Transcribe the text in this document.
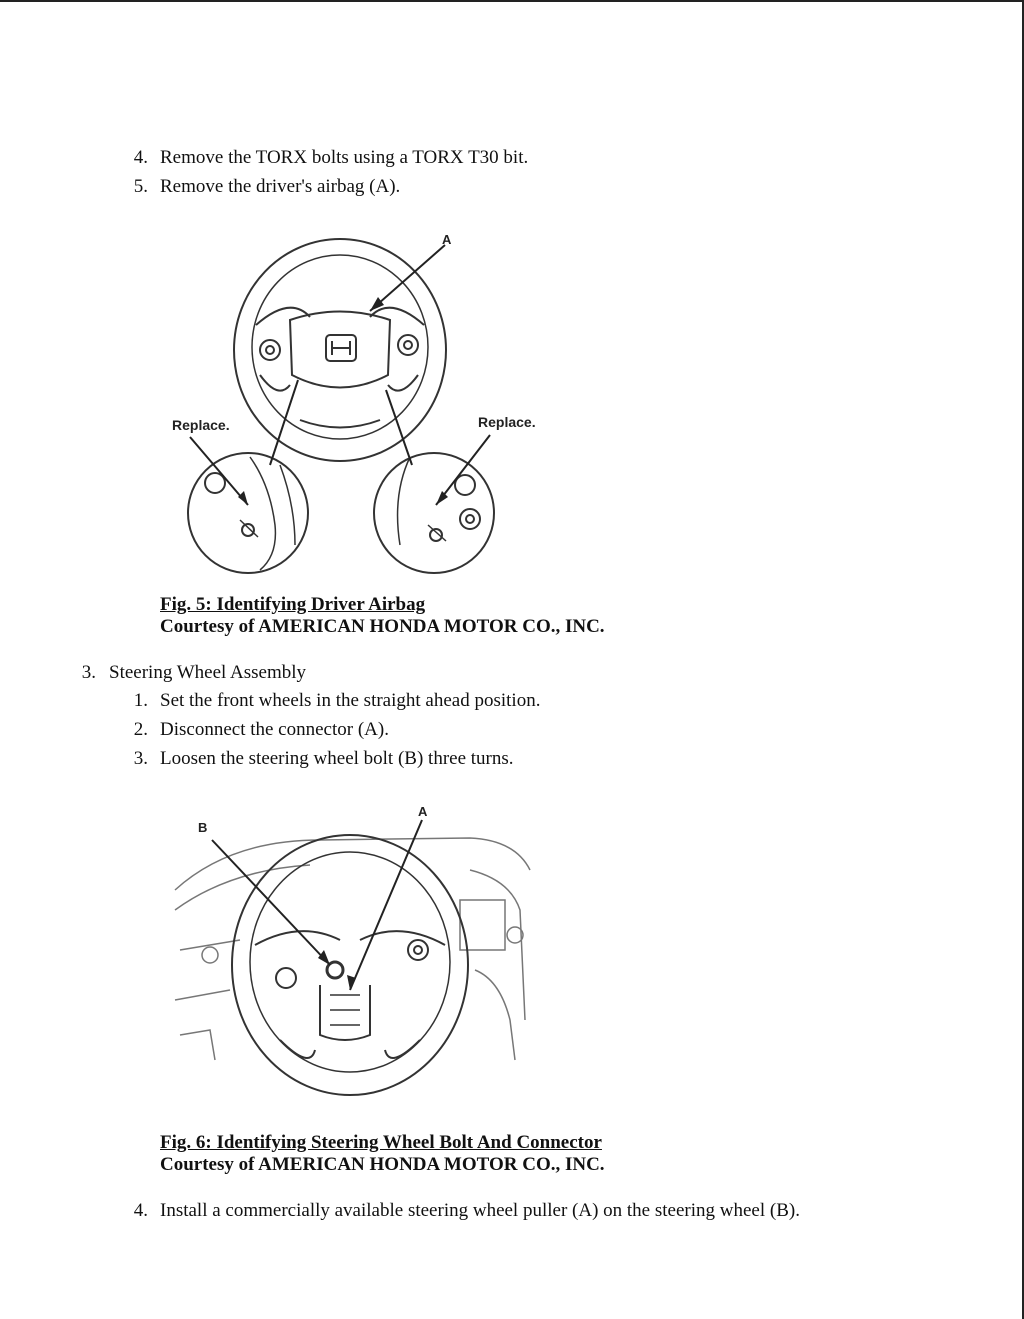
4. Remove the TORX bolts using a TORX T30 bit.
5. Remove the driver's airbag (A).
A
Replace.	Replace.
Fig. 5: Identifying Driver Airbag
Courtesy of AMERICAN HONDA MOTOR CO., INC.
3. Steering Wheel Assembly
1. Set the front wheels in the straight ahead position.
2. Disconnect the connector (A).
3. Loosen the steering wheel bolt (B) three turns.
B
A
Fig. 6: Identifying Steering Wheel Bolt And Connector
Courtesy of AMERICAN HONDA MOTOR CO., INC.
4. Install a commercially available steering wheel puller (A) on the steering wheel (B).
